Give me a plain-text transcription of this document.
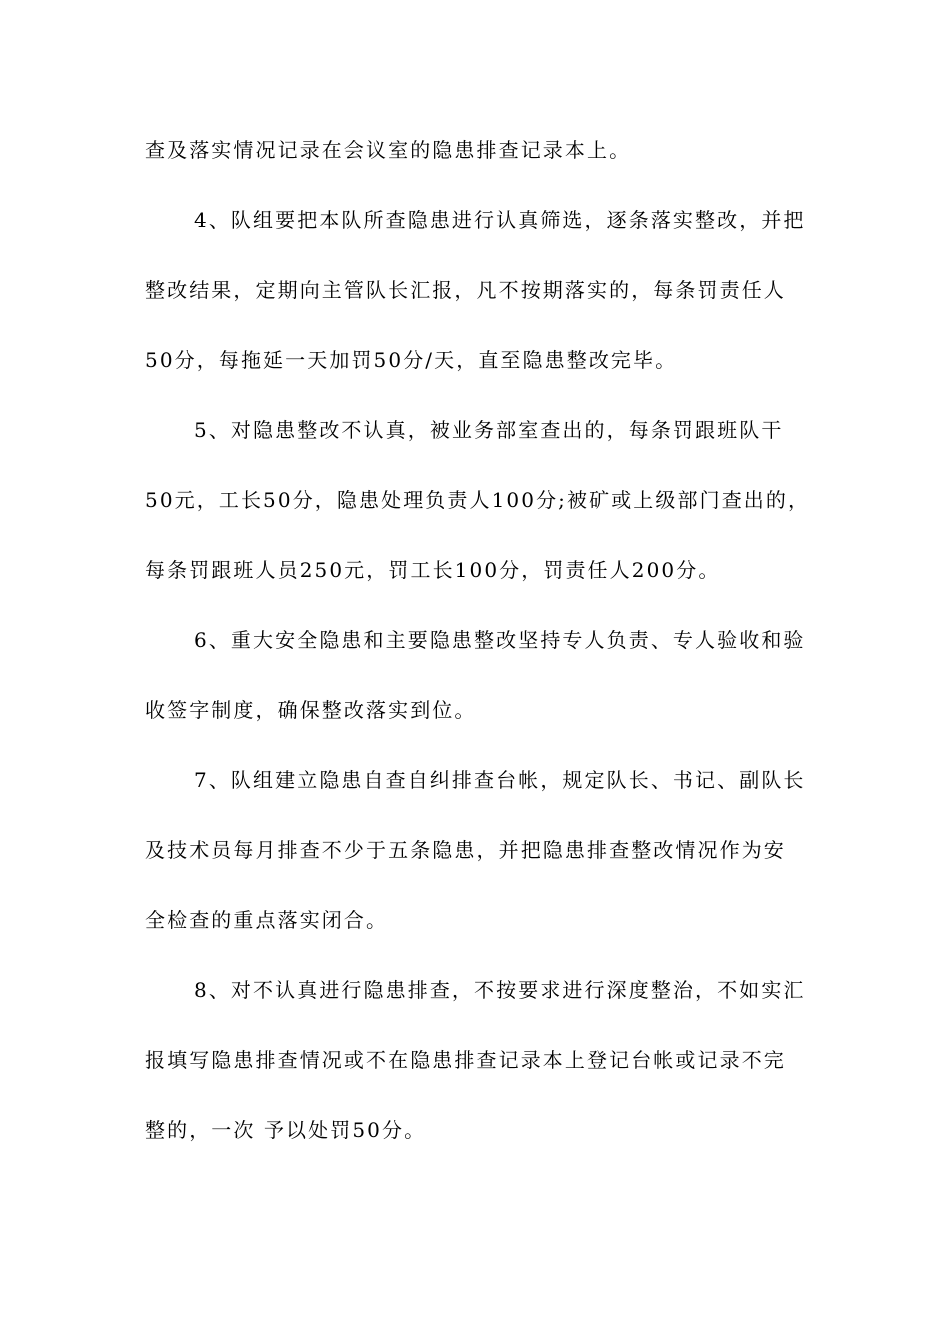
查及落实情况记录在会议室的隐患排查记录本上。
4、队组要把本队所查隐患进行认真筛选，逐条落实整改，并把
整改结果，定期向主管队长汇报，凡不按期落实的，每条罚责任人
50分，每拖延一天加罚50分/天，直至隐患整改完毕。
5、对隐患整改不认真，被业务部室查出的，每条罚跟班队干
50元，工长50分，隐患处理负责人100分;被矿或上级部门查出的，
每条罚跟班人员250元，罚工长100分，罚责任人200分。
6、重大安全隐患和主要隐患整改坚持专人负责、专人验收和验
收签字制度，确保整改落实到位。
7、队组建立隐患自查自纠排查台帐，规定队长、书记、副队长
及技术员每月排查不少于五条隐患，并把隐患排查整改情况作为安
全检查的重点落实闭合。
8、对不认真进行隐患排查，不按要求进行深度整治，不如实汇
报填写隐患排查情况或不在隐患排查记录本上登记台帐或记录不完
整的，一次 予以处罚50分。
